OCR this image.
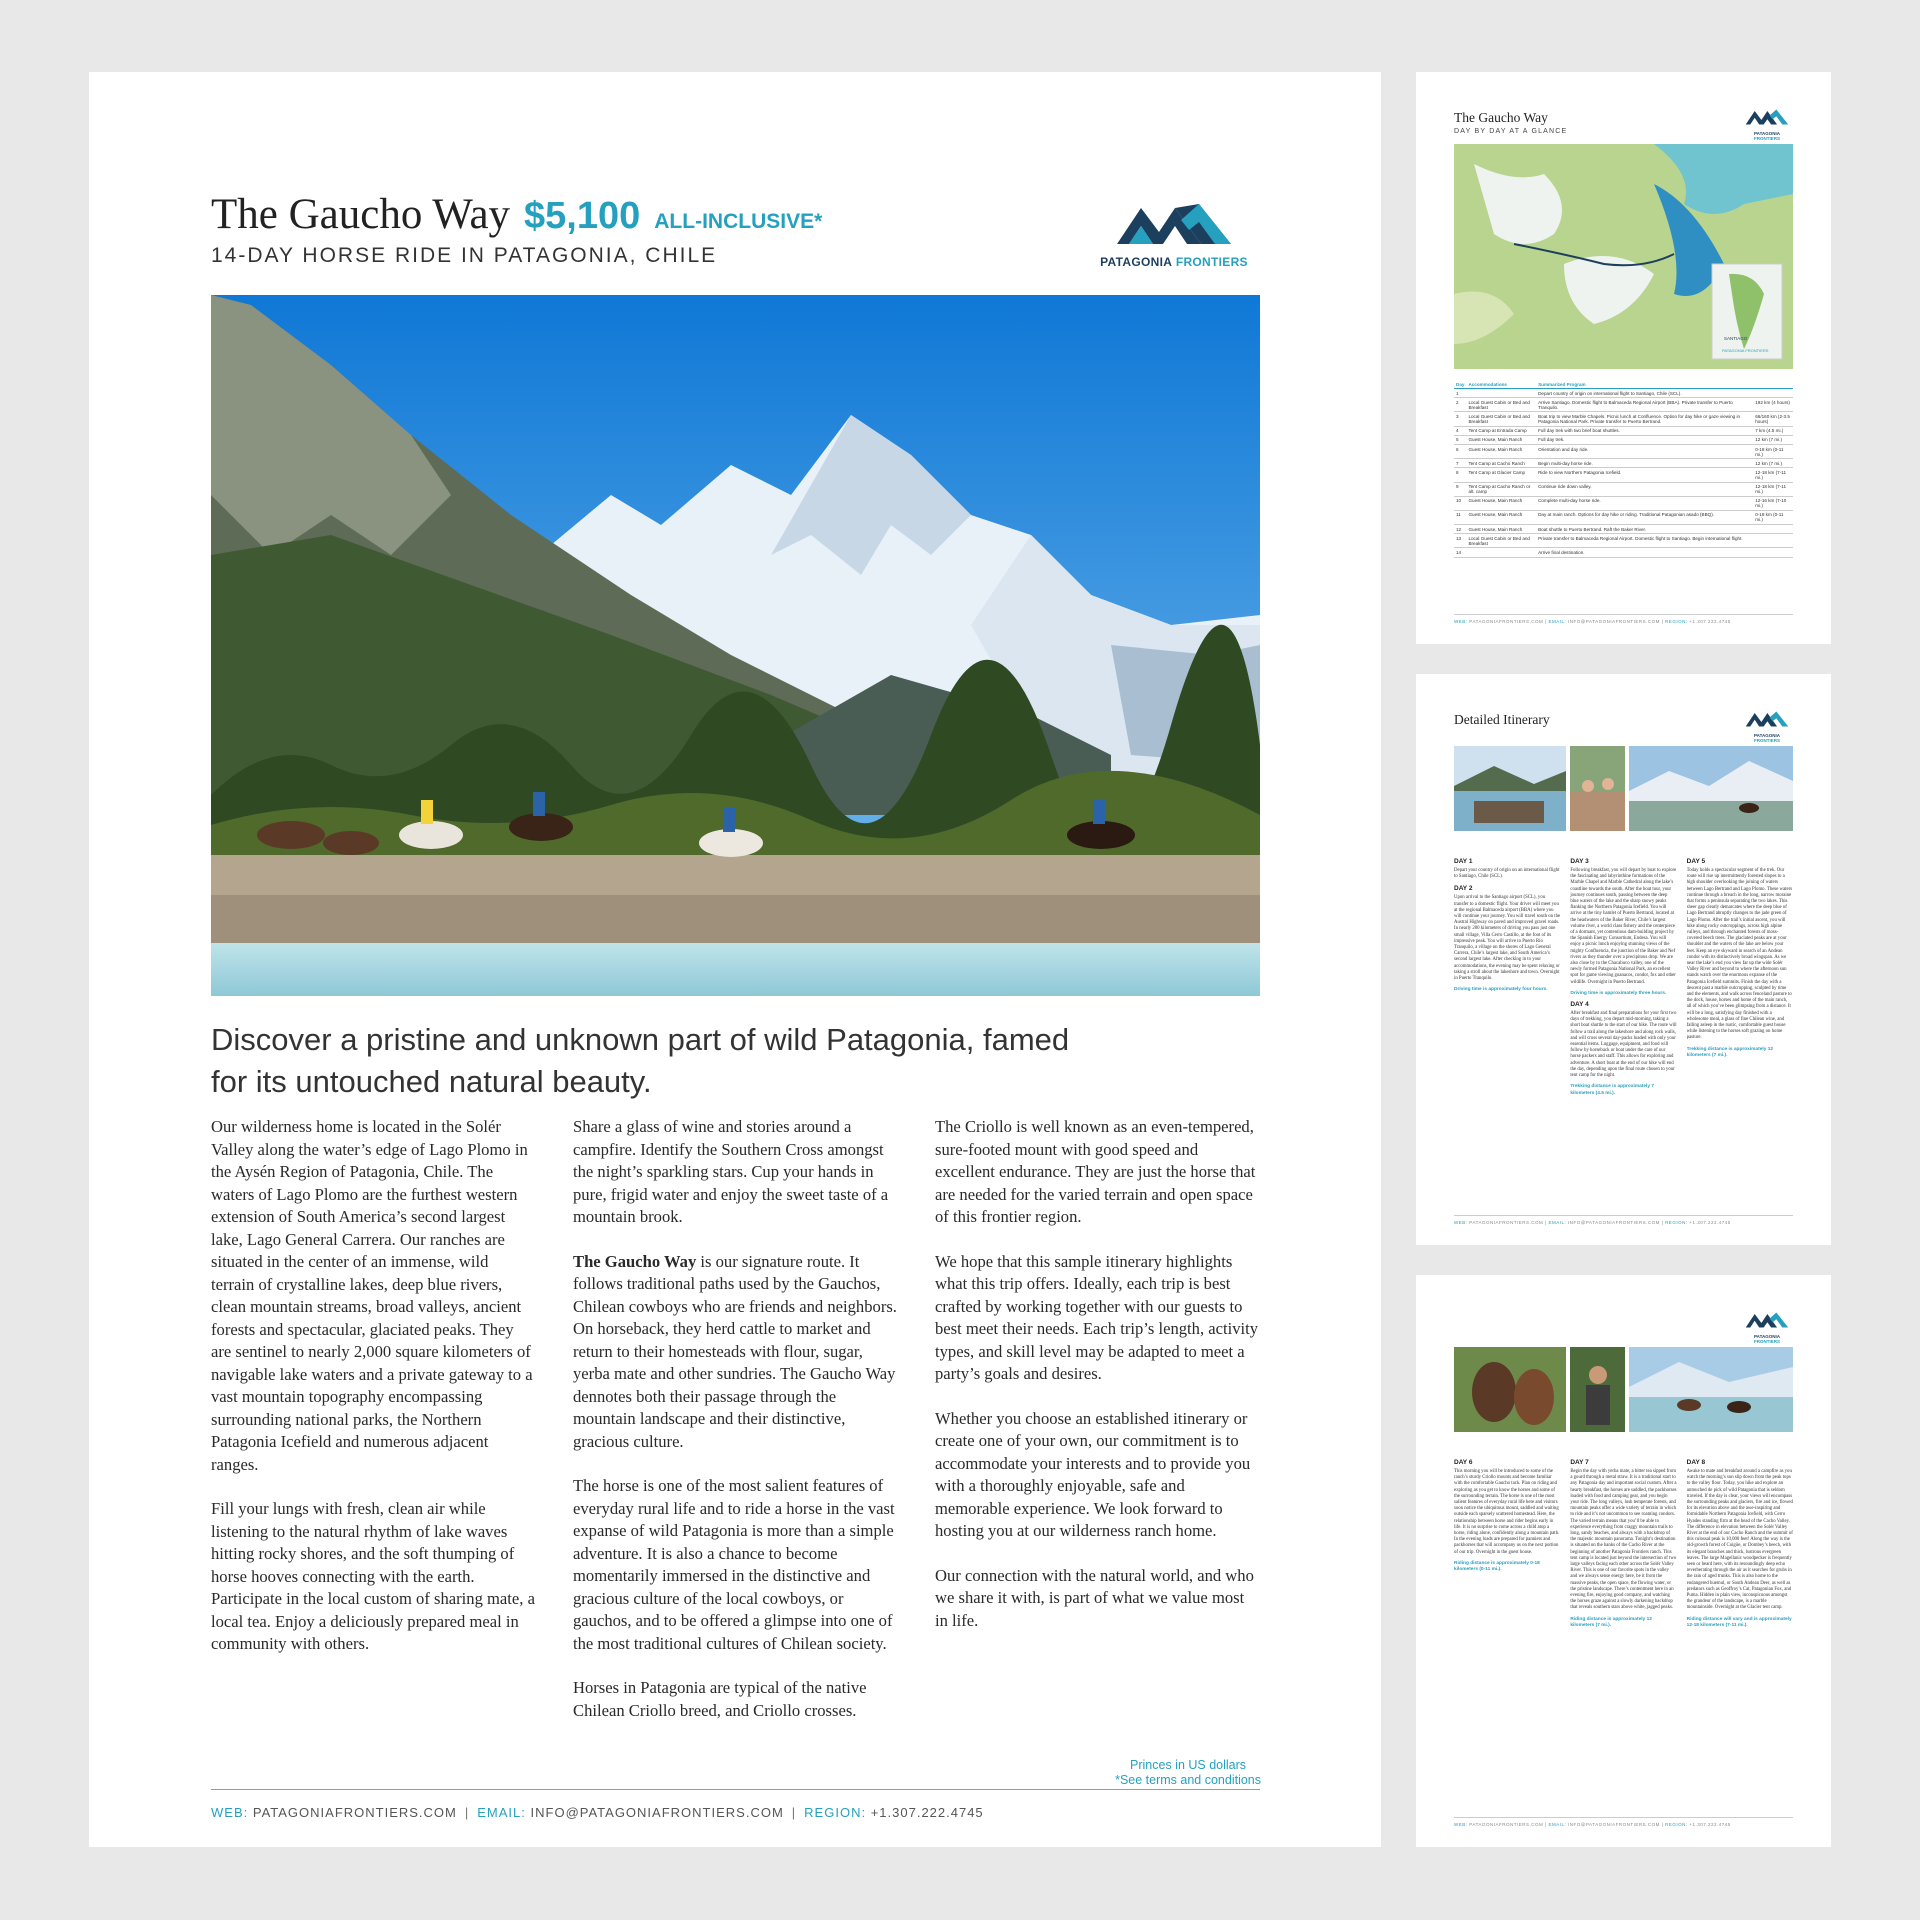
The Gaucho Way $5,100 ALL-INCLUSIVE*
14-DAY HORSE RIDE IN PATAGONIA, CHILE	PATAGONIA FRONTIERS
Discover a pristine and unknown part of wild Patagonia, famed for its untouched natural beauty.

Our wilderness home is located in the Solér Valley along the water’s edge of Lago Plomo in the Aysén Region of Patagonia, Chile. The waters of Lago Plomo are the furthest western extension of South America’s second largest lake, Lago General Carrera. Our ranches are situated in the center of an immense, wild terrain of crystalline lakes, deep blue rivers, clean mountain streams, broad valleys, ancient forests and spectacular, glaciated peaks. They are sentinel to nearly 2,000 square kilometers of navigable lake waters and a private gateway to a vast mountain topography encompassing surrounding national parks, the Northern Patagonia Icefield and numerous adjacent ranges.

Fill your lungs with fresh, clean air while listening to the natural rhythm of lake waves hitting rocky shores, and the soft thumping of horse hooves connecting with the earth. Participate in the local custom of sharing mate, a local tea. Enjoy a deliciously prepared meal in community with others.

Share a glass of wine and stories around a campfire. Identify the Southern Cross amongst the night’s sparkling stars. Cup your hands in pure, frigid water and enjoy the sweet taste of a mountain brook.

The Gaucho Way is our signature route. It follows traditional paths used by the Gauchos, Chilean cowboys who are friends and neighbors. On horseback, they herd cattle to market and return to their homesteads with flour, sugar, yerba mate and other sundries. The Gaucho Way dennotes both their passage through the mountain landscape and their distinctive, gracious culture.

The horse is one of the most salient features of everyday rural life and to ride a horse in the vast expanse of wild Patagonia is more than a simple adventure. It is also a chance to become momentarily immersed in the distinctive and gracious culture of the local cowboys, or gauchos, and to be offered a glimpse into one of the most traditional cultures of Chilean society.

Horses in Patagonia are typical of the native Chilean Criollo breed, and Criollo crosses.

The Criollo is well known as an even-tempered, sure-footed mount with good speed and excellent endurance. They are just the horse that are needed for the varied terrain and open space of this frontier region.

We hope that this sample itinerary highlights what this trip offers. Ideally, each trip is best crafted by working together with our guests to best meet their needs. Each trip’s length, activity types, and skill level may be adapted to meet a party’s goals and desires.

Whether you choose an established itinerary or create one of your own, our commitment is to accommodate your interests and to provide you with a thoroughly enjoyable, safe and memorable experience. We look forward to hosting you at our wilderness ranch home.

Our connection with the natural world, and who we share it with, is part of what we value most in life.

Princes in US dollars
*See terms and conditions
WEB: PATAGONIAFRONTIERS.COM | EMAIL: INFO@PATAGONIAFRONTIERS.COM | REGION: +1.307.222.4745
The Gaucho Way
DAY BY DAY AT A GLANCE	PATAGONIA FRONTIERS
SANTIAGO
PATAGONIA FRONTIERS
Day	Accommodations	Summarized Program	
1		Depart country of origin on international flight to Santiago, Chile (SCL).	
2	Local Guest Cabin or Bed and Breakfast	Arrive Santiago. Domestic flight to Balmaceda Regional Airport (BBA). Private transfer to Puerto Tranquilo.	192 km (4 hours)
3	Local Guest Cabin or Bed and Breakfast	Boat trip to view Marble Chapels. Picnic lunch at Confluence. Option for day hike or gaze viewing in Patagonia National Park. Private transfer to Puerto Bertrand.	66/160 km (2-3.5 hours)
4	Tent Camp at Entrada Camp	Full day trek with two brief boat shuttles.	7 km (4.5 mi.)
5	Guest House, Main Ranch	Full day trek.	12 km (7 mi.)
6	Guest House, Main Ranch	Orientation and day ride.	0-18 km (0-11 mi.)
7	Tent Camp at Cacho Ranch	Begin multi-day horse ride.	12 km (7 mi.)
8	Tent Camp at Glacier Camp	Ride to view Northern Patagonia Icefield.	12-18 km (7-11 mi.)
9	Tent Camp at Cacho Ranch or alt. camp	Continue ride down valley.	12-18 km (7-11 mi.)
10	Guest House, Main Ranch	Complete multi-day horse ride.	12-16 km (7-10 mi.)
11	Guest House, Main Ranch	Day at main ranch. Options for day hike or riding. Traditional Patagonian asado (BBQ).	0-18 km (0-11 mi.)
12	Guest House, Main Ranch	Boat shuttle to Puerto Bertrand. Raft the Baker River.	
13	Local Guest Cabin or Bed and Breakfast	Private transfer to Balmaceda Regional Airport. Domestic flight to Santiago. Begin international flight.	
14		Arrive final destination.	
WEB: PATAGONIAFRONTIERS.COM | EMAIL: INFO@PATAGONIAFRONTIERS.COM | REGION: +1.307.222.4745
Detailed Itinerary
PATAGONIA FRONTIERS
DAY 1

Depart your country of origin on an international flight to Santiago, Chile (SCL).

DAY 2

Upon arrival to the Santiago airport (SCL), you transfer to a domestic flight. Your driver will meet you at the regional Balmaceda airport (BBA) where you will continue your journey. You will travel south on the Austral Highway on paved and improved gravel roads. In nearly 200 kilometers of driving you pass just one small village, Villa Cerro Castillo, at the foot of its impressive peak. You will arrive to Puerto Río Tranquilo, a village on the shores of Lago General Carrera, Chile’s largest lake, and South America’s second largest lake. After checking in to your accommodations, the evening may be spent relaxing or taking a stroll about the lakeshore and town. Overnight in Puerto Tranquilo.

Driving time is approximately four hours.
DAY 3

Following breakfast, you will depart by boat to explore the fascinating and labyrinthine formations of the Marble Chapel and Marble Cathedral along the lake’s coastline towards the south. After the boat tour, your journey continues south, passing between the deep blue waters of the lake and the sharp snowy peaks flanking the Northern Patagonia Icefield. You will arrive at the tiny hamlet of Puerto Bertrand, located at the headwaters of the Baker River, Chile’s largest volume river, a world class fishery and the centerpiece of a dormant, yet contentious dam-building project by the Spanish Energy Consortium, Endesa. You will enjoy a picnic lunch enjoying stunning views of the mighty Confluencia, the junction of the Baker and Nef rivers as they thunder over a precipitous drop. We are also close by to the Chacabuco valley, one of the newly formed Patagonia National Park, an excellent spot for game viewing guanacos, condor, fox and other wildlife. Overnight in Puerto Bertrand.

Driving time is approximately three hours.
DAY 4

After breakfast and final preparations for your first two days of trekking, you depart mid-morning, taking a short boat shuttle to the start of our hike. The route will follow a trail along the lakeshore and along rock walls, and will cross several day-packs loaded with only your essential items. Luggage, equipment, and food will follow by horseback or boat under the care of our horse packers and staff. This allows for exploring and adventure. A short boat at the end of our hike will end the day, depending upon the final route chosen to your tent camp for the night.

Trekking distance is approximately 7 kilometers (4.5 mi.).
DAY 5

Today holds a spectacular segment of the trek. Our route will rise up intermittently forested slopes to a high shoulder overlooking the joining of waters between Lago Bertrand and Lago Plomo. These waters continue through a breach in the long, narrow moraine that forms a peninsula separating the two lakes. This sheer gap clearly demarcates where the deep blue of Lago Bertrand abruptly changes to the jade green of Lago Plomo. After the trail’s initial ascent, you will hike along rocky outcroppings, across high alpine valleys, and through enchanted forests of moss-covered beech trees. The glaciated peaks are at your shoulder and the waters of the lake are below your feet. Keep an eye skyward in search of an Andean condor with its distinctively broad wingspan. As we near the lake’s end you view far up the wide Solér Valley River and beyond to where the afternoon sun stands watch over the enormous expanse of the Patagonia Icefield summits. Finish the day with a descent past a marble outcropping, sculpted by time and the elements, and walk across fenceland pasture to the dock, house, horses and home of the main ranch, all of which you’ve been glimpsing from a distance. It will be a long, satisfying day finished with a wholesome meal, a glass of fine Chilean wine, and falling asleep in the rustic, comfortable guest house while listening to the horses soft grazing on home pasture.

Trekking distance is approximately 12 kilometers (7 mi.).
WEB: PATAGONIAFRONTIERS.COM | EMAIL: INFO@PATAGONIAFRONTIERS.COM | REGION: +1.307.222.4745
PATAGONIA FRONTIERS
DAY 6

This morning you will be introduced to some of the ranch’s sturdy Criollo mounts and become familiar with the comfortable Gaucho tack. Plan on riding and exploring as you get to know the horses and some of the surrounding terrain. The horse is one of the most salient features of everyday rural life here and visitors soon notice the ubiquitous mount, saddled and waiting outside each sparsely scattered homestead. Here, the relationship between horse and rider begins early in life. It is no surprise to come across a child atop a horse, riding alone, confidently along a mountain path. In the evening loads are prepared for panniers and packhorses that will accompany us on the next portion of our trip. Overnight in the guest house.

Riding distance is approximately 0-18 kilometers (0-11 mi.).
DAY 7

Begin the day with yerba mate, a bitter tea sipped from a gourd through a metal straw. It is a traditional start to any Patagonia day and important social custom. After a hearty breakfast, the horses are saddled, the packhorses loaded with food and camping gear, and you begin your ride. The long valleys, lush temperate forests, and mountain peaks offer a wide variety of terrain in which to ride and it’s not uncommon to see roaming condors. The varied terrain means that you’ll be able to experience everything from craggy mountain trails to long, sandy beaches, and always with a backdrop of the majestic mountain panorama. Tonight’s destination is situated on the banks of the Cacho River at the beginning of another Patagonia Frontiers ranch. This tent camp is located just beyond the intersection of two large valleys facing each other across the Solér Valley River. This is one of our favorite spots in the valley and we always sense energy here, be it from the massive peaks, the open space, the flowing water, or the pristine landscape. There’s contentment here in an evening fire, enjoying good company, and watching the horses graze against a slowly darkening backdrop that reveals southern stars above white, jagged peaks.

Riding distance is approximately 12 kilometers (7 mi.).
DAY 8

Awake to mate and breakfast around a campfire as you watch the morning’s sun slip down from the peak tops to the valley floor. Today, you hike and explore an untouched de pick of wild Patagonia that is seldom traveled. If the day is clear, your views will encompass the surrounding peaks and glaciers, fire and ice, flowed for its elevation above and the awe-inspiring and formidable Northern Patagonia Icefield, with Cerro Hyades standing firm at the head of the Cacho Valley. The difference in elevation between the Solér Valley River at the end of our Cacho Ranch and the summit of this colossal peak is 10,000 feet! Along the way is the old-growth forest of Coigüe, or Dombey’s beech, with its elegant branches and thick, lustrous evergreen leaves. The large Magellanic woodpecker is frequently seen or heard here, with its resoundingly deep echo reverberating through the air as it searches for grubs in the rain of aged trunks. This is also home to the endangered huemul, or South Andean Deer, as well as predators such as Geoffroy’s Cat, Patagonian Fox, and Puma. Hidden in plain view, inconspicuous amongst the grandeur of the landscape, is a marble mountainside. Overnight at the Glacier tent camp.

Riding distance will vary and is approximately 12-18 kilometers (7-11 mi.).
WEB: PATAGONIAFRONTIERS.COM | EMAIL: INFO@PATAGONIAFRONTIERS.COM | REGION: +1.307.222.4745
